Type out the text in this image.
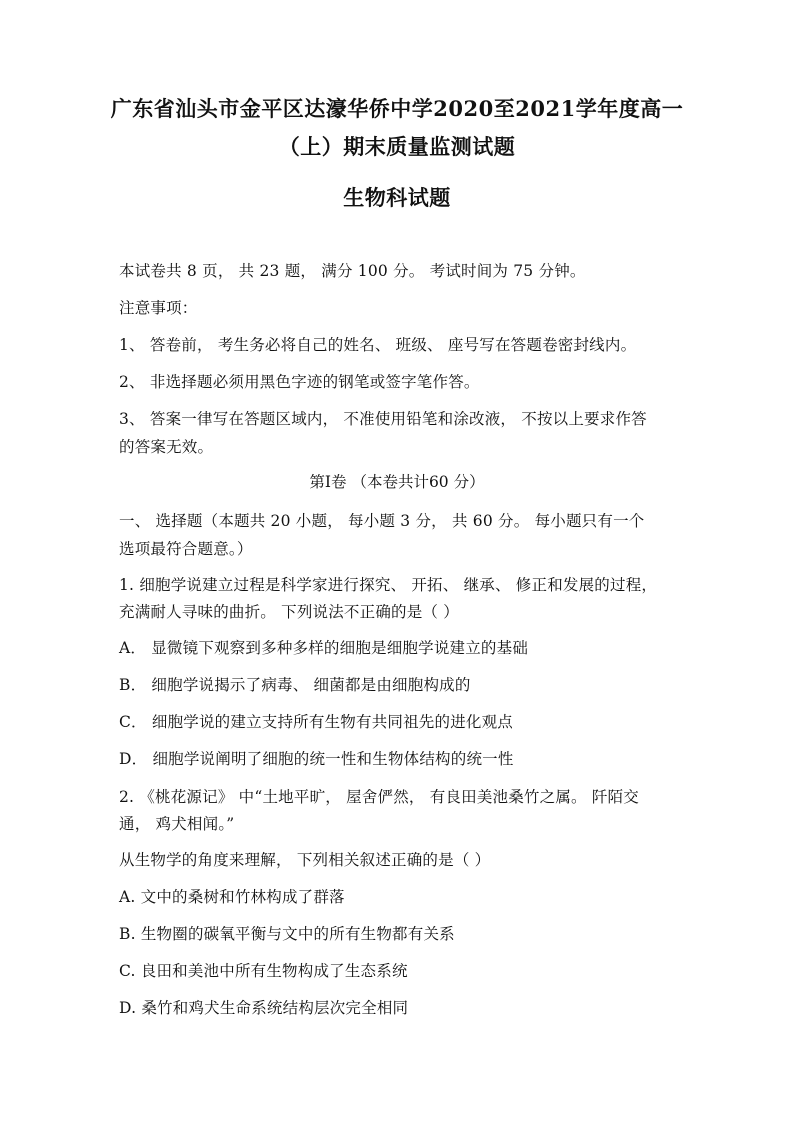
广东省汕头市金平区达濠华侨中学2020至2021学年度高一
（上）期末质量监测试题
生物科试题
本试卷共 8 页， 共 23 题， 满分 100 分。 考试时间为 75 分钟。
注意事项：
1、 答卷前， 考生务必将自己的姓名、 班级、 座号写在答题卷密封线内。
2、 非选择题必须用黑色字迹的钢笔或签字笔作答。
3、 答案一律写在答题区域内， 不准使用铅笔和涂改液， 不按以上要求作答
的答案无效。
第Ⅰ卷 （本卷共计60 分）
一、 选择题（本题共 20 小题， 每小题 3 分， 共 60 分。 每小题只有一个
选项最符合题意。）
1. 细胞学说建立过程是科学家进行探究、 开拓、 继承、 修正和发展的过程，
充满耐人寻味的曲折。 下列说法不正确的是（ ）
A． 显微镜下观察到多种多样的细胞是细胞学说建立的基础
B． 细胞学说揭示了病毒、 细菌都是由细胞构成的
C． 细胞学说的建立支持所有生物有共同祖先的进化观点
D． 细胞学说阐明了细胞的统一性和生物体结构的统一性
2. 《桃花源记》 中“土地平旷， 屋舍俨然， 有良田美池桑竹之属。 阡陌交
通， 鸡犬相闻。”
从生物学的角度来理解， 下列相关叙述正确的是（ ）
A. 文中的桑树和竹林构成了群落
B. 生物圈的碳氧平衡与文中的所有生物都有关系
C. 良田和美池中所有生物构成了生态系统
D. 桑竹和鸡犬生命系统结构层次完全相同
